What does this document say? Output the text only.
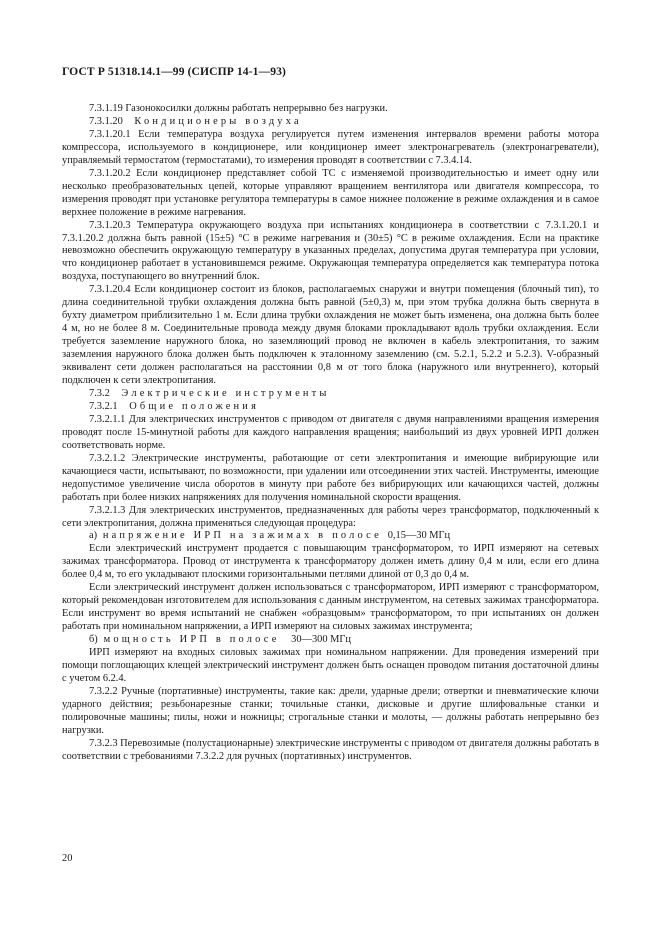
ГОСТ Р 51318.14.1—99 (СИСПР 14-1—93)

7.3.1.19 Газонокосилки должны работать непрерывно без нагрузки.

7.3.1.20 Кондиционеры воздуха

7.3.1.20.1 Если температура воздуха регулируется путем изменения интервалов времени работы мотора компрессора, используемого в кондиционере, или кондиционер имеет электронагреватель (электронагреватели), управляемый термостатом (термостатами), то измерения проводят в соответствии с 7.3.4.14.

7.3.1.20.2 Если кондиционер представляет собой ТС с изменяемой производительностью и имеет одну или несколько преобразовательных цепей, которые управляют вращением вентилятора или двигателя компрессора, то измерения проводят при установке регулятора температуры в самое нижнее положение в режиме охлаждения и в самое верхнее положение в режиме нагревания.

7.3.1.20.3 Температура окружающего воздуха при испытаниях кондиционера в соответствии с 7.3.1.20.1 и 7.3.1.20.2 должна быть равной (15±5) °С в режиме нагревания и (30±5) °С в режиме охлаждения. Если на практике невозможно обеспечить окружающую температуру в указанных пределах, допустима другая температура при условии, что кондиционер работает в установившемся режиме. Окружающая температура определяется как температура потока воздуха, поступающего во внутренний блок.

7.3.1.20.4 Если кондиционер состоит из блоков, располагаемых снаружи и внутри помещения (блочный тип), то длина соединительной трубки охлаждения должна быть равной (5±0,3) м, при этом трубка должна быть свернута в бухту диаметром приблизительно 1 м. Если длина трубки охлаждения не может быть изменена, она должна быть более 4 м, но не более 8 м. Соединительные провода между двумя блоками прокладывают вдоль трубки охлаждения. Если требуется заземление наружного блока, но заземляющий провод не включен в кабель электропитания, то зажим заземления наружного блока должен быть подключен к эталонному заземлению (см. 5.2.1, 5.2.2 и 5.2.3). V-образный эквивалент сети должен располагаться на расстоянии 0,8 м от того блока (наружного или внутреннего), который подключен к сети электропитания.

7.3.2 Электрические инструменты

7.3.2.1 Общие положения

7.3.2.1.1 Для электрических инструментов с приводом от двигателя с двумя направлениями вращения измерения проводят после 15-минутной работы для каждого направления вращения; наибольший из двух уровней ИРП должен соответствовать норме.

7.3.2.1.2 Электрические инструменты, работающие от сети электропитания и имеющие вибрирующие или качающиеся части, испытывают, по возможности, при удалении или отсоединении этих частей. Инструменты, имеющие недопустимое увеличение числа оборотов в минуту при работе без вибрирующих или качающихся частей, должны работать при более низких напряжениях для получения номинальной скорости вращения.

7.3.2.1.3 Для электрических инструментов, предназначенных для работы через трансформатор, подключенный к сети электропитания, должна применяться следующая процедура:

а) напряжение ИРП на зажимах в полосе 0,15—30 МГц

Если электрический инструмент продается с повышающим трансформатором, то ИРП измеряют на сетевых зажимах трансформатора. Провод от инструмента к трансформатору должен иметь длину 0,4 м или, если его длина более 0,4 м, то его укладывают плоскими горизонтальными петлями длиной от 0,3 до 0,4 м.

Если электрический инструмент должен использоваться с трансформатором, ИРП измеряют с трансформатором, который рекомендован изготовителем для использования с данным инструментом, на сетевых зажимах трансформатора. Если инструмент во время испытаний не снабжен «образцовым» трансформатором, то при испытаниях он должен работать при номинальном напряжении, а ИРП измеряют на силовых зажимах инструмента;

б) мощность ИРП в полосе 30—300 МГц

ИРП измеряют на входных силовых зажимах при номинальном напряжении. Для проведения измерений при помощи поглощающих клещей электрический инструмент должен быть оснащен проводом питания достаточной длины с учетом 6.2.4.

7.3.2.2 Ручные (портативные) инструменты, такие как: дрели, ударные дрели; отвертки и пневматические ключи ударного действия; резьбонарезные станки; точильные станки, дисковые и другие шлифовальные станки и полировочные машины; пилы, ножи и ножницы; строгальные станки и молоты, — должны работать непрерывно без нагрузки.

7.3.2.3 Перевозимые (полустационарные) электрические инструменты с приводом от двигателя должны работать в соответствии с требованиями 7.3.2.2 для ручных (портативных) инструментов.

20
